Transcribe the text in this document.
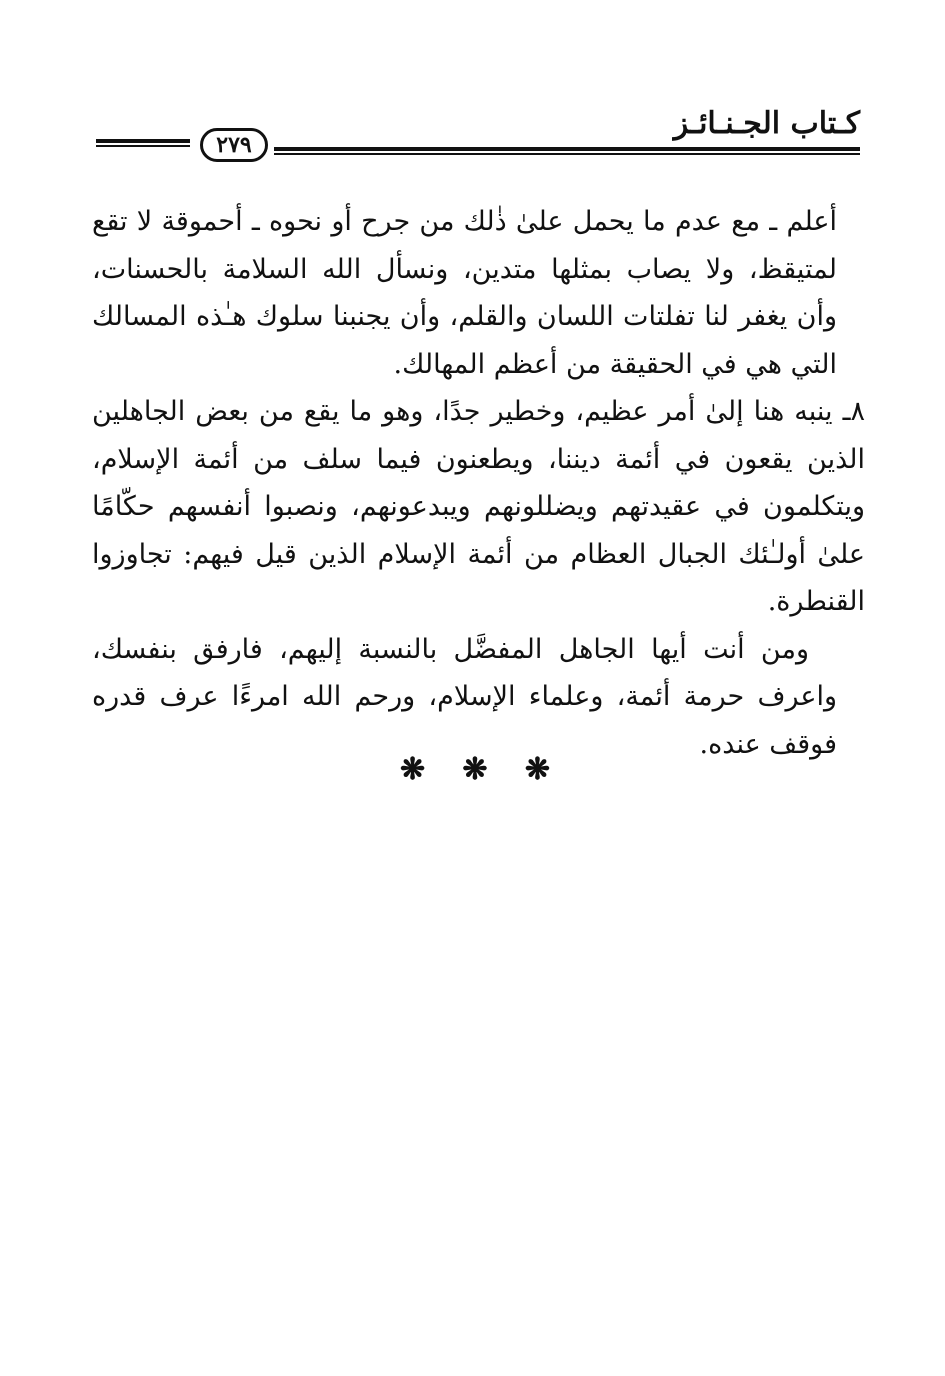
كـتاب الجـنـائـز
٢٧٩

أعلم ـ مع عدم ما يحمل علىٰ ذٰلك من جرح أو نحوه ـ أحموقة لا تقع لمتيقظ، ولا يصاب بمثلها متدين، ونسأل الله السلامة بالحسنات، وأن يغفر لنا تفلتات اللسان والقلم، وأن يجنبنا سلوك هـٰذه المسالك التي هي في الحقيقة من أعظم المهالك.

٨ـ ينبه هنا إلىٰ أمر عظيم، وخطير جدًا، وهو ما يقع من بعض الجاهلين الذين يقعون في أئمة ديننا، ويطعنون فيما سلف من أئمة الإسلام، ويتكلمون في عقيدتهم ويضللونهم ويبدعونهم، ونصبوا أنفسهم حكّامًا علىٰ أولـٰئك الجبال العظام من أئمة الإسلام الذين قيل فيهم: تجاوزوا القنطرة.

ومن أنت أيها الجاهل المفضَّل بالنسبة إليهم، فارفق بنفسك، واعرف حرمة أئمة، وعلماء الإسلام، ورحم الله امرءًا عرف قدره فوقف عنده.

❋ ❋ ❋
